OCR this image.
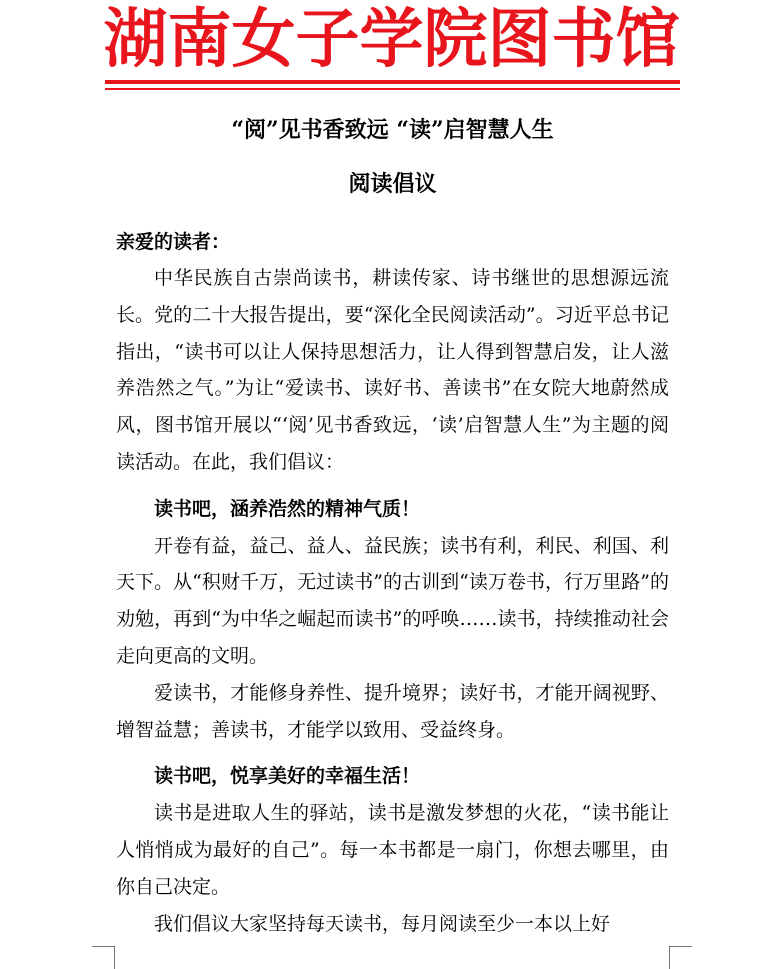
湖南女子学院图书馆
“阅”见书香致远 “读”启智慧人生
阅读倡议
亲爱的读者：

中华民族自古崇尚读书，耕读传家、诗书继世的思想源远流长。党的二十大报告提出，要“深化全民阅读活动”。习近平总书记指出，“读书可以让人保持思想活力，让人得到智慧启发，让人滋养浩然之气。”为让“爱读书、读好书、善读书”在女院大地蔚然成风，图书馆开展以“‘阅’见书香致远，‘读’启智慧人生”为主题的阅读活动。在此，我们倡议：

读书吧，涵养浩然的精神气质！

开卷有益，益己、益人、益民族；读书有利，利民、利国、利天下。从“积财千万，无过读书”的古训到“读万卷书，行万里路”的劝勉，再到“为中华之崛起而读书”的呼唤……读书，持续推动社会走向更高的文明。

爱读书，才能修身养性、提升境界；读好书，才能开阔视野、增智益慧；善读书，才能学以致用、受益终身。

读书吧，悦享美好的幸福生活！

读书是进取人生的驿站，读书是激发梦想的火花，“读书能让人悄悄成为最好的自己”。每一本书都是一扇门，你想去哪里，由你自己决定。

我们倡议大家坚持每天读书，每月阅读至少一本以上好
